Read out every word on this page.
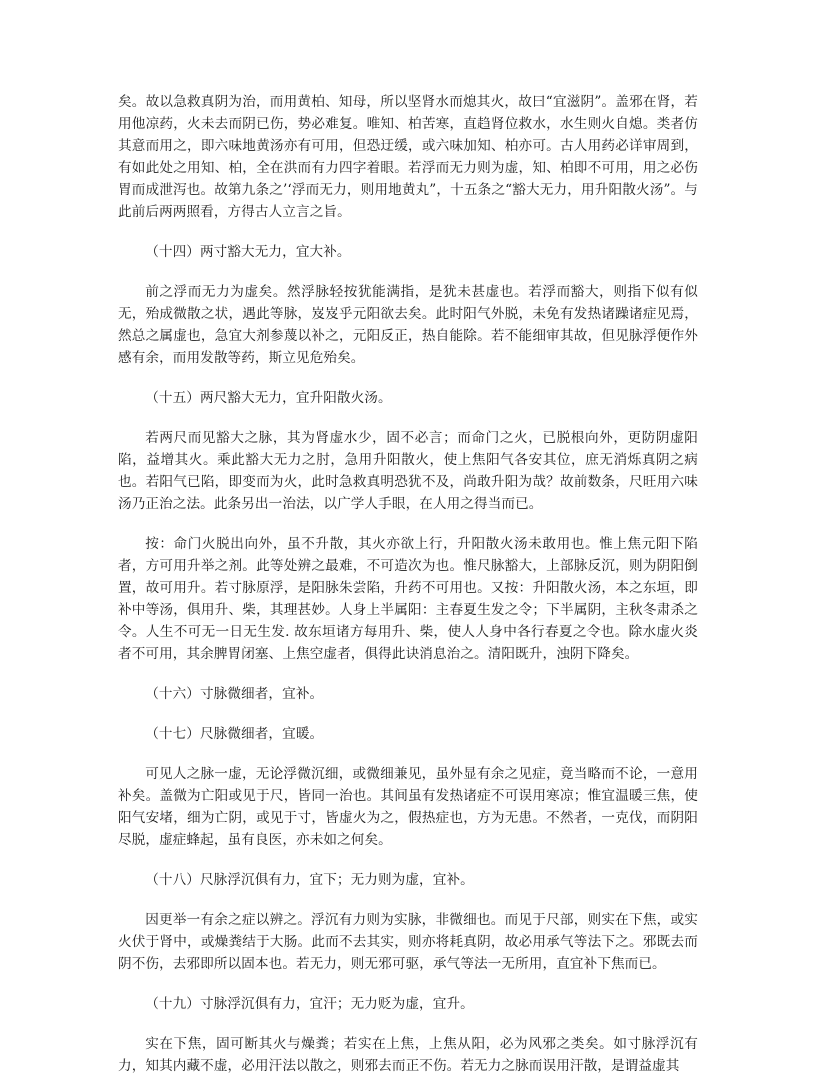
矣。故以急救真阴为治，而用黄柏、知母，所以坚肾水而熄其火，故曰“宜滋阴”。盖邪在肾，若用他凉药，火未去而阴已伤，势必难复。唯知、柏苦寒，直趋肾位救水，水生则火自熄。类者仿其意而用之，即六味地黄汤亦有可用，但恐迂缓，或六味加知、柏亦可。古人用药必详审周到，有如此处之用知、柏，全在洪而有力四字着眼。若浮而无力则为虚，知、柏即不可用，用之必伤胃而成泄泻也。故第九条之’‘浮而无力，则用地黄丸”，十五条之“豁大无力，用升阳散火汤”。与此前后两两照看，方得古人立言之旨。

（十四）两寸豁大无力，宜大补。

前之浮而无力为虚矣。然浮脉轻按犹能满指，是犹未甚虚也。若浮而豁大，则指下似有似无，殆成微散之状，遇此等脉，岌岌乎元阳欲去矣。此时阳气外脱，未免有发热诸躁诸症见焉，然总之属虚也，急宜大剂参蔑以补之，元阳反正，热自能除。若不能细审其故，但见脉浮便作外感有余，而用发散等药，斯立见危殆矣。

（十五）两尺豁大无力，宜升阳散火汤。

若两尺而见豁大之脉，其为肾虚水少，固不必言；而命门之火，已脱根向外，更防阴虚阳陷，益增其火。乘此豁大无力之肘，急用升阳散火，使上焦阳气各安其位，庶无消烁真阴之病也。若阳气已陷，即变而为火，此时急救真明恐犹不及，尚敢升阳为哉？故前数条，尺旺用六味汤乃正治之法。此条另出一治法，以广学人手眼，在人用之得当而已。

按：命门火脱出向外，虽不升散，其火亦欲上行，升阳散火汤未敢用也。惟上焦元阳下陷者，方可用升举之剂。此等处辨之最难，不可造次为也。惟尺脉豁大，上部脉反沉，则为阴阳倒置，故可用升。若寸脉原浮，是阳脉朱尝陷，升药不可用也。又按：升阳散火汤，本之东垣，即补中等汤，俱用升、柴，其理甚妙。人身上半属阳：主春夏生发之令；下半属阴，主秋冬肃杀之令。人生不可无一日无生发. 故东垣诸方每用升、柴，使人人身中各行春夏之令也。除水虚火炎者不可用，其余脾胃闭塞、上焦空虚者，俱得此诀消息治之。清阳既升，浊阴下降矣。

（十六）寸脉微细者，宜补。

（十七）尺脉微细者，宜暖。

可见人之脉一虚，无论浮微沉细，或微细兼见，虽外显有余之见症，竟当略而不论，一意用补矣。盖微为亡阳或见于尺，皆同一治也。其间虽有发热诸症不可误用寒凉；惟宜温暖三焦，使阳气安堵，细为亡阴，或见于寸，皆虚火为之，假热症也，方为无患。不然者，一克伐，而阴阳尽脱，虚症蜂起，虽有良医，亦未如之何矣。

（十八）尺脉浮沉俱有力，宜下；无力则为虚，宜补。

因更举一有余之症以辨之。浮沉有力则为实脉，非微细也。而见于尺部，则实在下焦，或实火伏于肾中，或燥粪结于大肠。此而不去其实，则亦将耗真阴，故必用承气等法下之。邪既去而阴不伤，去邪即所以固本也。若无力，则无邪可驱，承气等法一无所用，直宜补下焦而已。

（十九）寸脉浮沉俱有力，宜汗；无力贬为虚，宜升。

实在下焦，固可断其火与燥粪；若实在上焦，上焦从阳，必为风邪之类矣。如寸脉浮沉有力，知其内藏不虚，必用汗法以散之，则邪去而正不伤。若无力之脉而误用汗散，是谓益虚其
